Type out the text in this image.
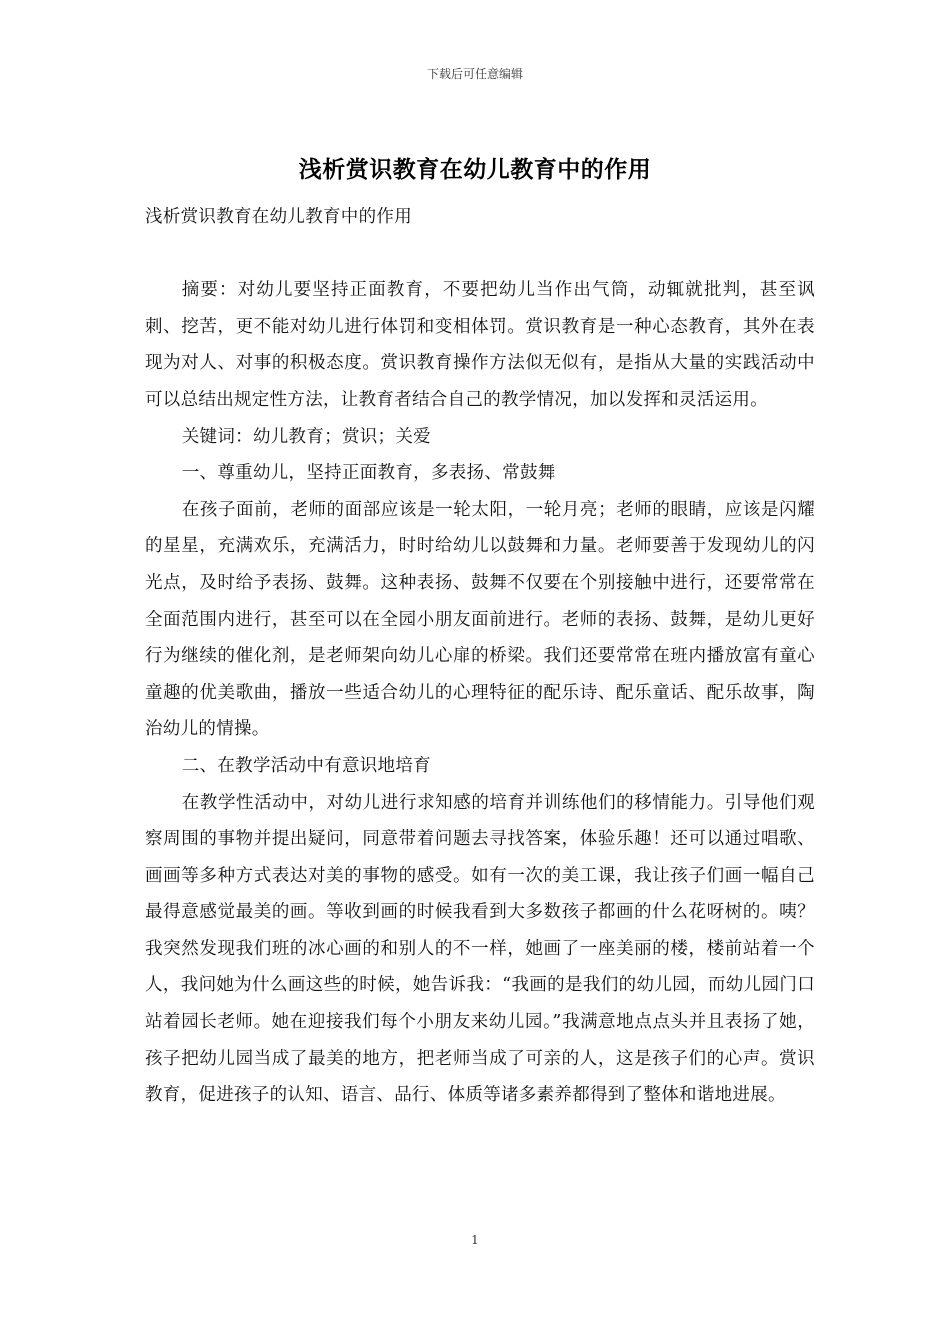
下载后可任意编辑
浅析赏识教育在幼儿教育中的作用

浅析赏识教育在幼儿教育中的作用

摘要：对幼儿要坚持正面教育，不要把幼儿当作出气筒，动辄就批判，甚至讽刺、挖苦，更不能对幼儿进行体罚和变相体罚。赏识教育是一种心态教育，其外在表现为对人、对事的积极态度。赏识教育操作方法似无似有，是指从大量的实践活动中可以总结出规定性方法，让教育者结合自己的教学情况，加以发挥和灵活运用。

关键词：幼儿教育；赏识；关爱

一、尊重幼儿，坚持正面教育，多表扬、常鼓舞

在孩子面前，老师的面部应该是一轮太阳，一轮月亮；老师的眼睛，应该是闪耀的星星，充满欢乐，充满活力，时时给幼儿以鼓舞和力量。老师要善于发现幼儿的闪光点，及时给予表扬、鼓舞。这种表扬、鼓舞不仅要在个别接触中进行，还要常常在全面范围内进行，甚至可以在全园小朋友面前进行。老师的表扬、鼓舞，是幼儿更好行为继续的催化剂，是老师架向幼儿心扉的桥梁。我们还要常常在班内播放富有童心童趣的优美歌曲，播放一些适合幼儿的心理特征的配乐诗、配乐童话、配乐故事，陶治幼儿的情操。

二、在教学活动中有意识地培育

在教学性活动中，对幼儿进行求知感的培育并训练他们的移情能力。引导他们观察周围的事物并提出疑问，同意带着问题去寻找答案，体验乐趣！还可以通过唱歌、画画等多种方式表达对美的事物的感受。如有一次的美工课，我让孩子们画一幅自己最得意感觉最美的画。等收到画的时候我看到大多数孩子都画的什么花呀树的。咦？我突然发现我们班的冰心画的和别人的不一样，她画了一座美丽的楼，楼前站着一个人，我问她为什么画这些的时候，她告诉我：“我画的是我们的幼儿园，而幼儿园门口站着园长老师。她在迎接我们每个小朋友来幼儿园。”我满意地点点头并且表扬了她，孩子把幼儿园当成了最美的地方，把老师当成了可亲的人，这是孩子们的心声。赏识教育，促进孩子的认知、语言、品行、体质等诸多素养都得到了整体和谐地进展。

1
